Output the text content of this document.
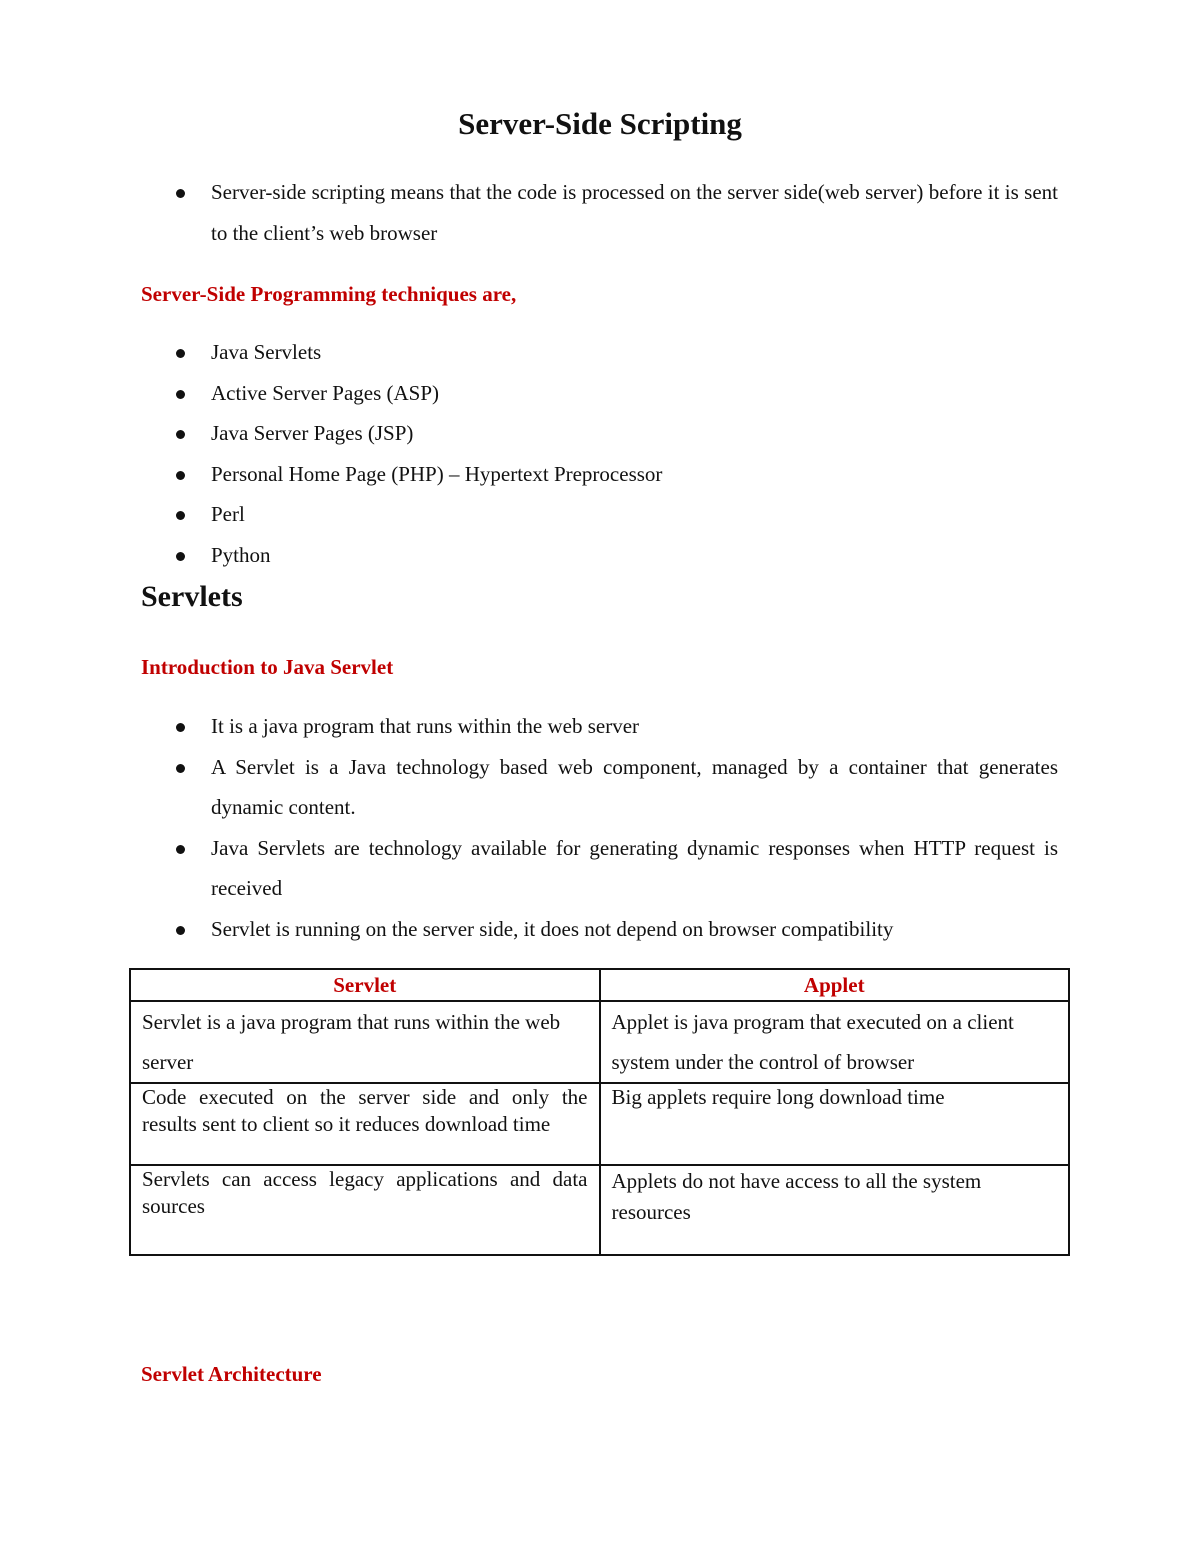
Server-Side Scripting
Server-side scripting means that the code is processed on the server side(web server) before it is sent to the client’s web browser

Server-Side Programming techniques are,

Java Servlets
Active Server Pages (ASP)
Java Server Pages (JSP)
Personal Home Page (PHP) – Hypertext Preprocessor
Perl
Python
Servlets

Introduction to Java Servlet

It is a java program that runs within the web server
A Servlet is a Java technology based web component, managed by a container that generates dynamic content.
Java Servlets are technology available for generating dynamic responses when HTTP request is received
Servlet is running on the server side, it does not depend on browser compatibility
Servlet	Applet
Servlet is a java program that runs within the web server	Applet is java program that executed on a client system under the control of browser
Code executed on the server side and only the results sent to client so it reduces download time	Big applets require long download time
Servlets can access legacy applications and data sources	Applets do not have access to all the system resources

Servlet Architecture
